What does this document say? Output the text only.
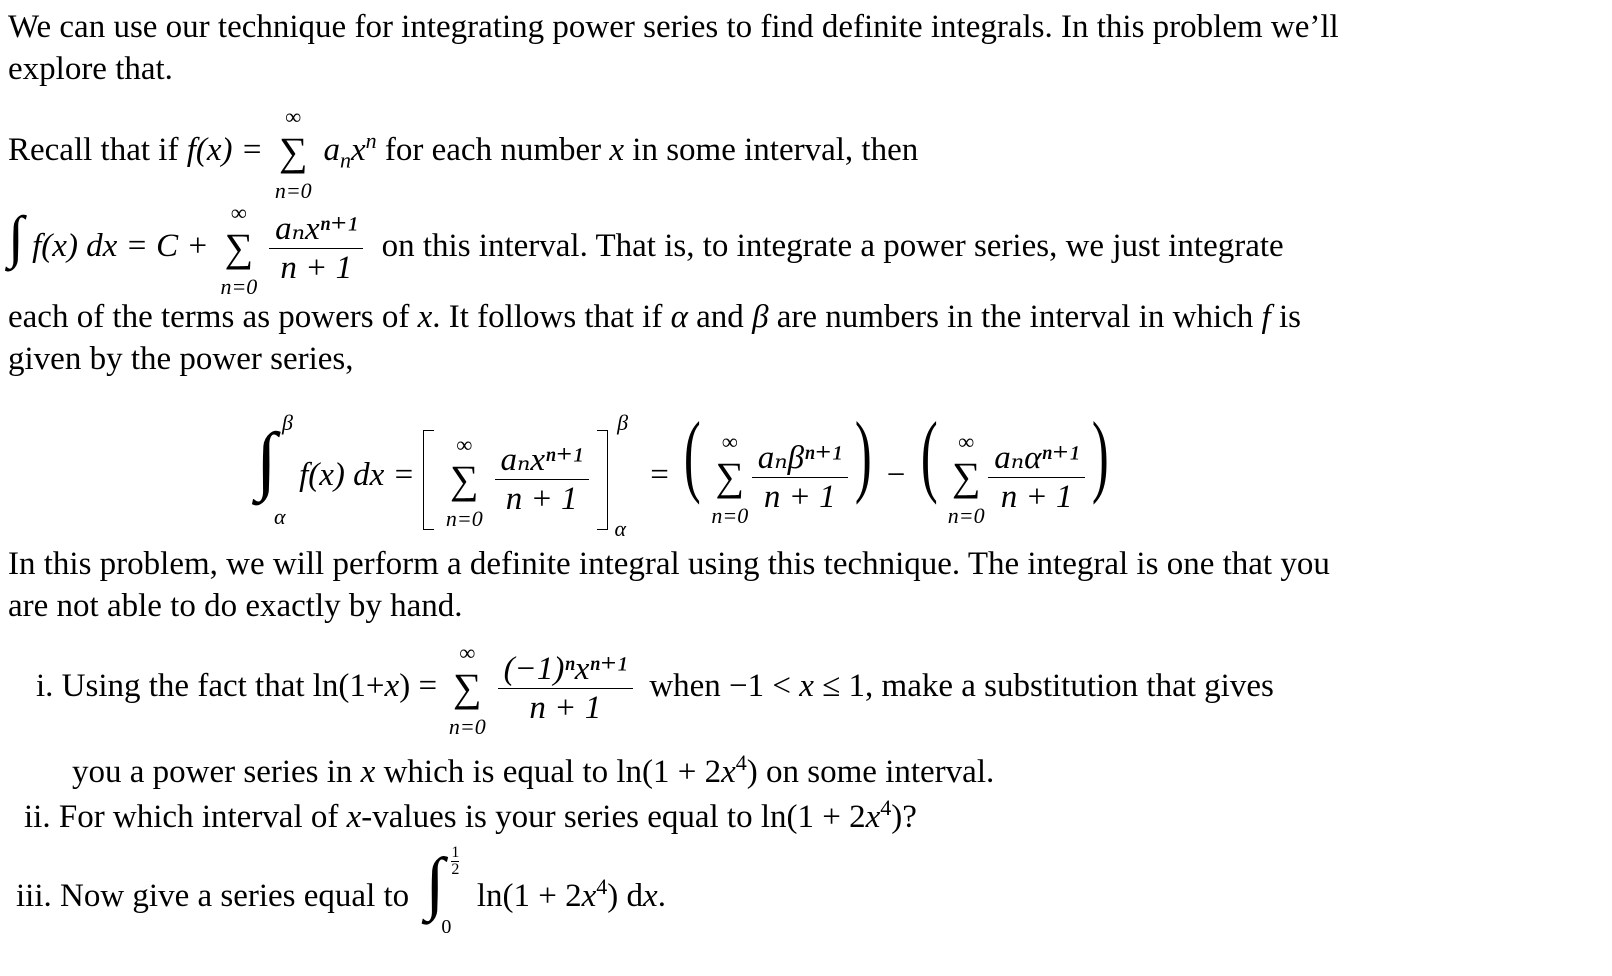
We can use our technique for integrating power series to find definite integrals. In this problem we’ll
explore that.
Recall that if f(x) =
∞
∑
n=0
$a_nx^n$ for each number x in some interval, then
∫ f(x) dx = C +
∞
∑
n=0
$\frac{\text{aₙxⁿ⁺¹}}{n + 1}$ on this interval. That is, to integrate a power series, we just integrate
each of the terms as powers of x. It follows that if α and β are numbers in the interval in which f is
given by the power series,
∫ β
α
f(x) dx =
∞
∑
n=0
$\frac{\text{aₙxⁿ⁺¹}}{n + 1}$

β
α
= ( ∞
∑
$n=0 \frac{\text{aₙβⁿ⁺¹}}{n + 1}$ ) − ( ∞
∑
$n=0 \frac{\text{aₙαⁿ⁺¹}}{n + 1}$ )
In this problem, we will perform a definite integral using this technique. The integral is one that you
are not able to do exactly by hand.
i. Using the fact that ln(1+x) =
∞
∑
n=0
$\frac{\text{(−1)ⁿxⁿ⁺¹}}{n + 1}$ when −1 < x ≤ 1, make a substitution that gives
you a power series in x which is equal to $\ln(1 + 2x^4)$ on some interval.
ii. For which interval of x-values is your series equal to $\ln(1 + 2x^4)$?
iii. Now give a series equal to ∫ $\frac{1}{2}$
0
$\ln(1 + 2x^4)$ dx.
